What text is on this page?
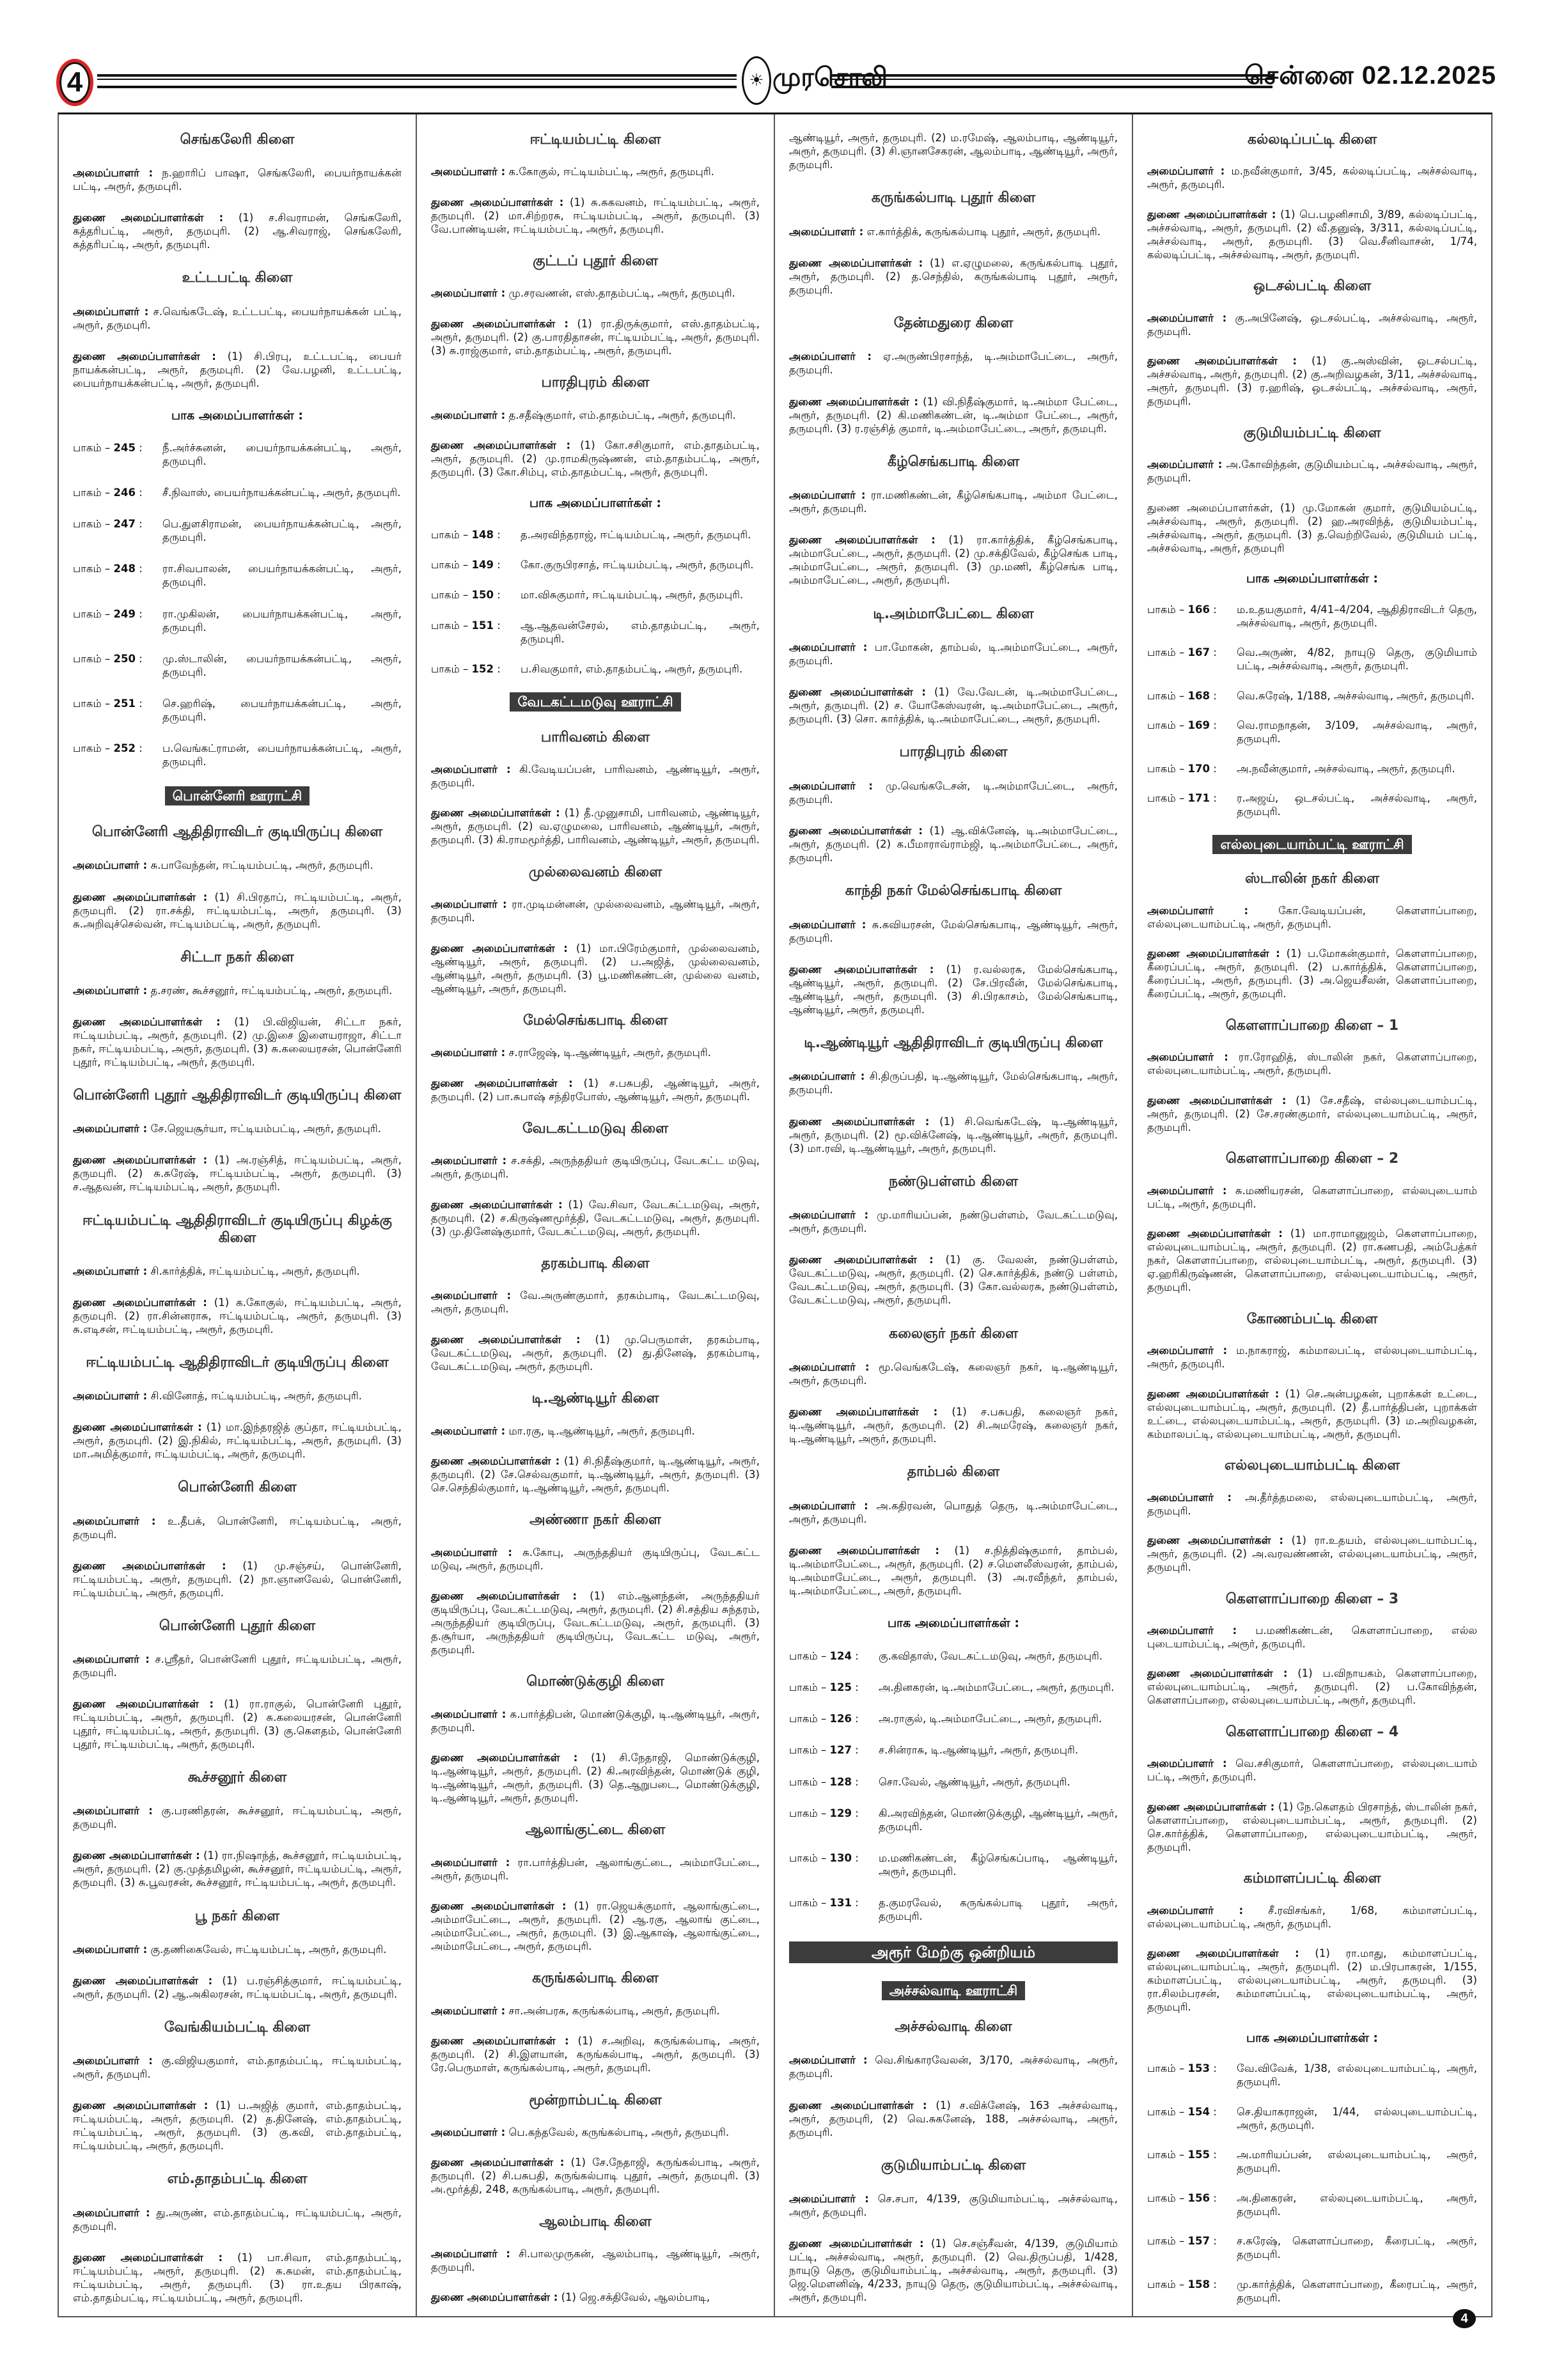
4	☀ முரசொலி	சென்னை 02.12.2025
செங்கலேரி கிளை
அமைப்பாளர் : ந.ஹாரிப் பாஷா, செங்கலேரி, பையர்நாயக்கன் பட்டி, அரூர், தருமபுரி.
துணை அமைப்பாளர்கள் : (1) ச.சிவராமன், செங்கலேரி, கத்தரிபட்டி, அரூர், தருமபுரி. (2) ஆ.சிவராஜ், செங்கலேரி, கத்தரிபட்டி, அரூர், தருமபுரி.
உட்டபட்டி கிளை
அமைப்பாளர் : ச.வெங்கடேஷ், உட்டபட்டி, பையர்நாயக்கன் பட்டி, அரூர், தருமபுரி.
துணை அமைப்பாளர்கள் : (1) சி.பிரபு, உட்டபட்டி, பையர் நாயக்கன்பட்டி, அரூர், தருமபுரி. (2) வே.பழனி, உட்டபட்டி, பையர்நாயக்கன்பட்டி, அரூர், தருமபுரி.
பாக அமைப்பாளர்கள் :
பாகம் – 245 :	நீ.அர்ச்சுனன், பையர்நாயக்கன்பட்டி, அரூர், தருமபுரி.
பாகம் – 246 :	சீ.நிவாஸ், பையர்நாயக்கன்பட்டி, அரூர், தருமபுரி.
பாகம் – 247 :	பெ.துளசிராமன், பையர்நாயக்கன்பட்டி, அரூர், தருமபுரி.
பாகம் – 248 :	ரா.சிவபாலன், பையர்நாயக்கன்பட்டி, அரூர், தருமபுரி.
பாகம் – 249 :	ரா.முகிலன், பையர்நாயக்கன்பட்டி, அரூர், தருமபுரி.
பாகம் – 250 :	மு.ஸ்டாலின், பையர்நாயக்கன்பட்டி, அரூர், தருமபுரி.
பாகம் – 251 :	செ.ஹரிஷ், பையர்நாயக்கன்பட்டி, அரூர், தருமபுரி.
பாகம் – 252 :	ப.வெங்கட்ராமன், பையர்நாயக்கன்பட்டி, அரூர், தருமபுரி.
பொன்னேரி ஊராட்சி
பொன்னேரி ஆதிதிராவிடர் குடியிருப்பு கிளை
அமைப்பாளர் : சு.பாவேந்தன், ஈட்டியம்பட்டி, அரூர், தருமபுரி.
துணை அமைப்பாளர்கள் : (1) சி.பிரதாப், ஈட்டியம்பட்டி, அரூர், தருமபுரி. (2) ரா.சக்தி, ஈட்டியம்பட்டி, அரூர், தருமபுரி. (3) சு.அறிவுச்செல்வன், ஈட்டியம்பட்டி, அரூர், தருமபுரி.
சிட்டா நகர் கிளை
அமைப்பாளர் : த.சரண், கூச்சனூர், ஈட்டியம்பட்டி, அரூர், தருமபுரி.
துணை அமைப்பாளர்கள் : (1) பி.விஜியன், சிட்டா நகர், ஈட்டியம்பட்டி, அரூர், தருமபுரி. (2) மு.இசை இளையராஜா, சிட்டா நகர், ஈட்டியம்பட்டி, அரூர், தருமபுரி. (3) சு.கலையரசன், பொன்னேரி புதூர், ஈட்டியம்பட்டி, அரூர், தருமபுரி.
பொன்னேரி புதூர் ஆதிதிராவிடர் குடியிருப்பு கிளை
அமைப்பாளர் : சே.ஜெயசூர்யா, ஈட்டியம்பட்டி, அரூர், தருமபுரி.
துணை அமைப்பாளர்கள் : (1) அ.ரஞ்சித், ஈட்டியம்பட்டி, அரூர், தருமபுரி. (2) சு.சுரேஷ், ஈட்டியம்பட்டி, அரூர், தருமபுரி. (3) ச.ஆதவன், ஈட்டியம்பட்டி, அரூர், தருமபுரி.
ஈட்டியம்பட்டி ஆதிதிராவிடர் குடியிருப்பு கிழக்கு கிளை
அமைப்பாளர் : சி.கார்த்திக், ஈட்டியம்பட்டி, அரூர், தருமபுரி.
துணை அமைப்பாளர்கள் : (1) க.கோகுல், ஈட்டியம்பட்டி, அரூர், தருமபுரி. (2) ரா.சின்னராசு, ஈட்டியம்பட்டி, அரூர், தருமபுரி. (3) சு.எடிசன், ஈட்டியம்பட்டி, அரூர், தருமபுரி.
ஈட்டியம்பட்டி ஆதிதிராவிடர் குடியிருப்பு கிளை
அமைப்பாளர் : சி.வினோத், ஈட்டியம்பட்டி, அரூர், தருமபுரி.
துணை அமைப்பாளர்கள் : (1) மா.இந்தரஜித் குப்தா, ஈட்டியம்பட்டி, அரூர், தருமபுரி. (2) இ.நிகில், ஈட்டியம்பட்டி, அரூர், தருமபுரி. (3) மா.அமித்குமார், ஈட்டியம்பட்டி, அரூர், தருமபுரி.
பொன்னேரி கிளை
அமைப்பாளர் : உ.தீபக், பொன்னேரி, ஈட்டியம்பட்டி, அரூர், தருமபுரி.
துணை அமைப்பாளர்கள் : (1) மு.சஞ்சய், பொன்னேரி, ஈட்டியம்பட்டி, அரூர், தருமபுரி. (2) நா.ஞானவேல், பொன்னேரி, ஈட்டியம்பட்டி, அரூர், தருமபுரி.
பொன்னேரி புதூர் கிளை
அமைப்பாளர் : ச.ஸ்ரீதர், பொன்னேரி புதூர், ஈட்டியம்பட்டி, அரூர், தருமபுரி.
துணை அமைப்பாளர்கள் : (1) ரா.ராகுல், பொன்னேரி புதூர், ஈட்டியம்பட்டி, அரூர், தருமபுரி. (2) சு.கலையரசன், பொன்னேரி புதூர், ஈட்டியம்பட்டி, அரூர், தருமபுரி. (3) கு.கௌதம், பொன்னேரி புதூர், ஈட்டியம்பட்டி, அரூர், தருமபுரி.
கூச்சனூர் கிளை
அமைப்பாளர் : கு.பரணிதரன், கூச்சனூர், ஈட்டியம்பட்டி, அரூர், தருமபுரி.
துணை அமைப்பாளர்கள் : (1) ரா.நிஷாந்த், கூச்சனூர், ஈட்டியம்பட்டி, அரூர், தருமபுரி. (2) கு.முத்தமிழன், கூச்சனூர், ஈட்டியம்பட்டி, அரூர், தருமபுரி. (3) சு.பூவரசன், கூச்சனூர், ஈட்டியம்பட்டி, அரூர், தருமபுரி.
பூ நகர் கிளை
அமைப்பாளர் : கு.தணிகைவேல், ஈட்டியம்பட்டி, அரூர், தருமபுரி.
துணை அமைப்பாளர்கள் : (1) ப.ரஞ்சித்குமார், ஈட்டியம்பட்டி, அரூர், தருமபுரி. (2) ஆ.அகிலரசன், ஈட்டியம்பட்டி, அரூர், தருமபுரி.
வேங்கியம்பட்டி கிளை
அமைப்பாளர் : கு.விஜியகுமார், எம்.தாதம்பட்டி, ஈட்டியம்பட்டி, அரூர், தருமபுரி.
துணை அமைப்பாளர்கள் : (1) ப.அஜித் குமார், எம்.தாதம்பட்டி, ஈட்டியம்பட்டி, அரூர், தருமபுரி. (2) த.தினேஷ், எம்.தாதம்பட்டி, ஈட்டியம்பட்டி, அரூர், தருமபுரி. (3) கு.கவி, எம்.தாதம்பட்டி, ஈட்டியம்பட்டி, அரூர், தருமபுரி.
எம்.தாதம்பட்டி கிளை
அமைப்பாளர் : து.அருண், எம்.தாதம்பட்டி, ஈட்டியம்பட்டி, அரூர், தருமபுரி.
துணை அமைப்பாளர்கள் : (1) பா.சிவா, எம்.தாதம்பட்டி, ஈட்டியம்பட்டி, அரூர், தருமபுரி. (2) சு.சுமன், எம்.தாதம்பட்டி, ஈட்டியம்பட்டி, அரூர், தருமபுரி. (3) ரா.உதய பிரகாஷ், எம்.தாதம்பட்டி, ஈட்டியம்பட்டி, அரூர், தருமபுரி.
ஈட்டியம்பட்டி கிளை
அமைப்பாளர் : க.கோகுல், ஈட்டியம்பட்டி, அரூர், தருமபுரி.
துணை அமைப்பாளர்கள் : (1) சு.சுகவனம், ஈட்டியம்பட்டி, அரூர், தருமபுரி. (2) மா.சிற்றரசு, ஈட்டியம்பட்டி, அரூர், தருமபுரி. (3) வே.பாண்டியன், ஈட்டியம்பட்டி, அரூர், தருமபுரி.
குட்டப் புதூர் கிளை
அமைப்பாளர் : மு.சரவணன், எஸ்.தாதம்பட்டி, அரூர், தருமபுரி.
துணை அமைப்பாளர்கள் : (1) ரா.திருக்குமார், எஸ்.தாதம்பட்டி, அரூர், தருமபுரி. (2) கு.பாரதிதாசன், ஈட்டியம்பட்டி, அரூர், தருமபுரி. (3) சு.ராஜ்குமார், எம்.தாதம்பட்டி, அரூர், தருமபுரி.
பாரதிபுரம் கிளை
அமைப்பாளர் : த.சதீஷ்குமார், எம்.தாதம்பட்டி, அரூர், தருமபுரி.
துணை அமைப்பாளர்கள் : (1) கோ.சசிகுமார், எம்.தாதம்பட்டி, அரூர், தருமபுரி. (2) மு.ராமகிருஷ்ணன், எம்.தாதம்பட்டி, அரூர், தருமபுரி. (3) கோ.சிம்பு, எம்.தாதம்பட்டி, அரூர், தருமபுரி.
பாக அமைப்பாளர்கள் :
பாகம் – 148 :	த.அரவிந்தராஜ், ஈட்டியம்பட்டி, அரூர், தருமபுரி.
பாகம் – 149 :	கோ.குருபிரசாத், ஈட்டியம்பட்டி, அரூர், தருமபுரி.
பாகம் – 150 :	மா.விசுகுமார், ஈட்டியம்பட்டி, அரூர், தருமபுரி.
பாகம் – 151 :	ஆ.ஆதவன்சேரல், எம்.தாதம்பட்டி, அரூர், தருமபுரி.
பாகம் – 152 :	ப.சிவகுமார், எம்.தாதம்பட்டி, அரூர், தருமபுரி.
வேடகட்டமடுவு ஊராட்சி
பாரிவனம் கிளை
அமைப்பாளர் : கி.வேடியப்பன், பாரிவனம், ஆண்டியூர், அரூர், தருமபுரி.
துணை அமைப்பாளர்கள் : (1) தீ.முனுசாமி, பாரிவனம், ஆண்டியூர், அரூர், தருமபுரி. (2) வ.ஏழுமலை, பாரிவனம், ஆண்டியூர், அரூர், தருமபுரி. (3) கி.ராமமூர்த்தி, பாரிவனம், ஆண்டியூர், அரூர், தருமபுரி.
முல்லைவனம் கிளை
அமைப்பாளர் : ரா.முடிமன்னன், முல்லைவனம், ஆண்டியூர், அரூர், தருமபுரி.
துணை அமைப்பாளர்கள் : (1) மா.பிரேம்குமார், முல்லைவனம், ஆண்டியூர், அரூர், தருமபுரி. (2) ப.அஜித், முல்லைவனம், ஆண்டியூர், அரூர், தருமபுரி. (3) பூ.மணிகண்டன், முல்லை வனம், ஆண்டியூர், அரூர், தருமபுரி.
மேல்செங்கபாடி கிளை
அமைப்பாளர் : ச.ராஜேஷ், டி.ஆண்டியூர், அரூர், தருமபுரி.
துணை அமைப்பாளர்கள் : (1) ச.பசுபதி, ஆண்டியூர், அரூர், தருமபுரி. (2) பா.சுபாஷ் சந்திரபோஸ், ஆண்டியூர், அரூர், தருமபுரி.
வேடகட்டமடுவு கிளை
அமைப்பாளர் : ச.சக்தி, அருந்ததியர் குடியிருப்பு, வேடகட்ட மடுவு, அரூர், தருமபுரி.
துணை அமைப்பாளர்கள் : (1) வே.சிவா, வேடகட்டமடுவு, அரூர், தருமபுரி. (2) ச.கிருஷ்ணமூர்த்தி, வேடகட்டமடுவு, அரூர், தருமபுரி. (3) மு.தினேஷ்குமார், வேடகட்டமடுவு, அரூர், தருமபுரி.
தரகம்பாடி கிளை
அமைப்பாளர் : வே.அருண்குமார், தரகம்பாடி, வேடகட்டமடுவு, அரூர், தருமபுரி.
துணை அமைப்பாளர்கள் : (1) மு.பெருமாள், தரகம்பாடி, வேடகட்டமடுவு, அரூர், தருமபுரி. (2) து.தினேஷ், தரகம்பாடி, வேடகட்டமடுவு, அரூர், தருமபுரி.
டி.ஆண்டியூர் கிளை
அமைப்பாளர் : மா.ரகு, டி.ஆண்டியூர், அரூர், தருமபுரி.
துணை அமைப்பாளர்கள் : (1) சி.நிதீஷ்குமார், டி.ஆண்டியூர், அரூர், தருமபுரி. (2) சே.செல்வகுமார், டி.ஆண்டியூர், அரூர், தருமபுரி. (3) செ.செந்தில்குமார், டி.ஆண்டியூர், அரூர், தருமபுரி.
அண்ணா நகர் கிளை
அமைப்பாளர் : சு.கோபு, அருந்ததியர் குடியிருப்பு, வேடகட்ட மடுவு, அரூர், தருமபுரி.
துணை அமைப்பாளர்கள் : (1) எம்.ஆனந்தன், அருந்ததியர் குடியிருப்பு, வேடகட்டமடுவு, அரூர், தருமபுரி. (2) சி.சத்திய சுந்தரம், அருந்ததியர் குடியிருப்பு, வேடகட்டமடுவு, அரூர், தருமபுரி. (3) த.சூர்யா, அருந்ததியர் குடியிருப்பு, வேடகட்ட மடுவு, அரூர், தருமபுரி.
மொண்டுக்குழி கிளை
அமைப்பாளர் : க.பார்த்திபன், மொண்டுக்குழி, டி.ஆண்டியூர், அரூர், தருமபுரி.
துணை அமைப்பாளர்கள் : (1) சி.நேதாஜி, மொண்டுக்குழி, டி.ஆண்டியூர், அரூர், தருமபுரி. (2) கி.அரவிந்தன், மொண்டுக் குழி, டி.ஆண்டியூர், அரூர், தருமபுரி. (3) தெ.ஆறுபடை, மொண்டுக்குழி, டி.ஆண்டியூர், அரூர், தருமபுரி.
ஆலாங்குட்டை கிளை
அமைப்பாளர் : ரா.பார்த்திபன், ஆலாங்குட்டை, அம்மாபேட்டை, அரூர், தருமபுரி.
துணை அமைப்பாளர்கள் : (1) ரா.ஜெயக்குமார், ஆலாங்குட்டை, அம்மாபேட்டை, அரூர், தருமபுரி. (2) ஆ.ரகு, ஆலாங் குட்டை, அம்மாபேட்டை, அரூர், தருமபுரி. (3) இ.ஆகாஷ், ஆலாங்குட்டை, அம்மாபேட்டை, அரூர், தருமபுரி.
கருங்கல்பாடி கிளை
அமைப்பாளர் : சா.அன்பரசு, கருங்கல்பாடி, அரூர், தருமபுரி.
துணை அமைப்பாளர்கள் : (1) ச.அறிவு, கருங்கல்பாடி, அரூர், தருமபுரி. (2) சி.இளயான், கருங்கல்பாடி, அரூர், தருமபுரி. (3) ரே.பெருமாள், கருங்கல்பாடி, அரூர், தருமபுரி.
மூன்றாம்பட்டி கிளை
அமைப்பாளர் : பெ.கந்தவேல், கருங்கல்பாடி, அரூர், தருமபுரி.
துணை அமைப்பாளர்கள் : (1) சே.நேதாஜி, கருங்கல்பாடி, அரூர், தருமபுரி. (2) சி.பசுபதி, கருங்கல்பாடி புதூர், அரூர், தருமபுரி. (3) அ.மூர்த்தி, 248, கருங்கல்பாடி, அரூர், தருமபுரி.
ஆலம்பாடி கிளை
அமைப்பாளர் : சி.பாலமுருகன், ஆலம்பாடி, ஆண்டியூர், அரூர், தருமபுரி.
துணை அமைப்பாளர்கள் : (1) ஜெ.சக்திவேல், ஆலம்பாடி,
ஆண்டியூர், அரூர், தருமபுரி. (2) ம.ரமேஷ், ஆலம்பாடி, ஆண்டியூர், அரூர், தருமபுரி. (3) சி.ஞானசேகரன், ஆலம்பாடி, ஆண்டியூர், அரூர், தருமபுரி.
கருங்கல்பாடி புதூர் கிளை
அமைப்பாளர் : எ.கார்த்திக், கருங்கல்பாடி புதூர், அரூர், தருமபுரி.
துணை அமைப்பாளர்கள் : (1) எ.ஏழுமலை, கருங்கல்பாடி புதூர், அரூர், தருமபுரி. (2) த.செந்தில், கருங்கல்பாடி புதூர், அரூர், தருமபுரி.
தேன்மதுரை கிளை
அமைப்பாளர் : ஏ.அருண்பிரசாந்த், டி.அம்மாபேட்டை, அரூர், தருமபுரி.
துணை அமைப்பாளர்கள் : (1) வி.நிதீஷ்குமார், டி.அம்மா பேட்டை, அரூர், தருமபுரி. (2) கி.மணிகண்டன், டி.அம்மா பேட்டை, அரூர், தருமபுரி. (3) ர.ரஞ்சித் குமார், டி.அம்மாபேட்டை, அரூர், தருமபுரி.
கீழ்செங்கபாடி கிளை
அமைப்பாளர் : ரா.மணிகண்டன், கீழ்செங்கபாடி, அம்மா பேட்டை, அரூர், தருமபுரி.
துணை அமைப்பாளர்கள் : (1) ரா.கார்த்திக், கீழ்செங்கபாடி, அம்மாபேட்டை, அரூர், தருமபுரி. (2) மு.சக்திவேல், கீழ்செங்க பாடி, அம்மாபேட்டை, அரூர், தருமபுரி. (3) மு.மணி, கீழ்செங்க பாடி, அம்மாபேட்டை, அரூர், தருமபுரி.
டி.அம்மாபேட்டை கிளை
அமைப்பாளர் : பா.மோகன், தாம்பல், டி.அம்மாபேட்டை, அரூர், தருமபுரி.
துணை அமைப்பாளர்கள் : (1) வே.வேடன், டி.அம்மாபேட்டை, அரூர், தருமபுரி. (2) ச. யோகேஸ்வரன், டி.அம்மாபேட்டை, அரூர், தருமபுரி. (3) சொ. கார்த்திக், டி.அம்மாபேட்டை, அரூர், தருமபுரி.
பாரதிபுரம் கிளை
அமைப்பாளர் : மு.வெங்கடேசன், டி.அம்மாபேட்டை, அரூர், தருமபுரி.
துணை அமைப்பாளர்கள் : (1) ஆ.விக்னேஷ், டி.அம்மாபேட்டை, அரூர், தருமபுரி. (2) க.பீமாராவ்ராம்ஜி, டி.அம்மாபேட்டை, அரூர், தருமபுரி.
காந்தி நகர் மேல்செங்கபாடி கிளை
அமைப்பாளர் : சு.கவியரசன், மேல்செங்கபாடி, ஆண்டியூர், அரூர், தருமபுரி.
துணை அமைப்பாளர்கள் : (1) ர.வல்லரசு, மேல்செங்கபாடி, ஆண்டியூர், அரூர், தருமபுரி. (2) சே.பிரவீன், மேல்செங்கபாடி, ஆண்டியூர், அரூர், தருமபுரி. (3) சி.பிரகாசம், மேல்செங்கபாடி, ஆண்டியூர், அரூர், தருமபுரி.
டி.ஆண்டியூர் ஆதிதிராவிடர் குடியிருப்பு கிளை
அமைப்பாளர் : சி.திருப்பதி, டி.ஆண்டியூர், மேல்செங்கபாடி, அரூர், தருமபுரி.
துணை அமைப்பாளர்கள் : (1) சி.வெங்கடேஷ், டி.ஆண்டியூர், அரூர், தருமபுரி. (2) மூ.விக்னேஷ், டி.ஆண்டியூர், அரூர், தருமபுரி. (3) மா.ரவி, டி.ஆண்டியூர், அரூர், தருமபுரி.
நண்டுபள்ளம் கிளை
அமைப்பாளர் : மு.மாரியப்பன், நண்டுபள்ளம், வேடகட்டமடுவு, அரூர், தருமபுரி.
துணை அமைப்பாளர்கள் : (1) கு. வேலன், நண்டுபள்ளம், வேடகட்டமடுவு, அரூர், தருமபுரி. (2) செ.கார்த்திக், நண்டு பள்ளம், வேடகட்டமடுவு, அரூர், தருமபுரி. (3) கோ.வல்லரசு, நண்டுபள்ளம், வேடகட்டமடுவு, அரூர், தருமபுரி.
கலைஞர் நகர் கிளை
அமைப்பாளர் : மூ.வெங்கடேஷ், கலைஞர் நகர், டி.ஆண்டியூர், அரூர், தருமபுரி.
துணை அமைப்பாளர்கள் : (1) ச.பசுபதி, கலைஞர் நகர், டி.ஆண்டியூர், அரூர், தருமபுரி. (2) சி.அமரேஷ், கலைஞர் நகர், டி.ஆண்டியூர், அரூர், தருமபுரி.
தாம்பல் கிளை
அமைப்பாளர் : அ.கதிரவன், பொதுத் தெரு, டி.அம்மாபேட்டை, அரூர், தருமபுரி.
துணை அமைப்பாளர்கள் : (1) ச.நித்திஷ்குமார், தாம்பல், டி.அம்மாபேட்டை, அரூர், தருமபுரி. (2) ச.மௌலீஸ்வரன், தாம்பல், டி.அம்மாபேட்டை, அரூர், தருமபுரி. (3) அ.ரவீந்தர், தாம்பல், டி.அம்மாபேட்டை, அரூர், தருமபுரி.
பாக அமைப்பாளர்கள் :
பாகம் – 124 :	கு.கவிதாஸ், வேடகட்டமடுவு, அரூர், தருமபுரி.
பாகம் – 125 :	அ.தினகரன், டி.அம்மாபேட்டை, அரூர், தருமபுரி.
பாகம் – 126 :	அ.ராகுல், டி.அம்மாபேட்டை, அரூர், தருமபுரி.
பாகம் – 127 :	ச.சின்ராசு, டி.ஆண்டியூர், அரூர், தருமபுரி.
பாகம் – 128 :	சொ.வேல், ஆண்டியூர், அரூர், தருமபுரி.
பாகம் – 129 :	கி.அரவிந்தன், மொண்டுக்குழி, ஆண்டியூர், அரூர், தருமபுரி.
பாகம் – 130 :	ம.மணிகண்டன், கீழ்செங்கப்பாடி, ஆண்டியூர், அரூர், தருமபுரி.
பாகம் – 131 :	த.குமரவேல், கருங்கல்பாடி புதூர், அரூர், தருமபுரி.
அரூர் மேற்கு ஒன்றியம்
அச்சல்வாடி ஊராட்சி
அச்சல்வாடி கிளை
அமைப்பாளர் : வெ.சிங்காரவேலன், 3/170, அச்சல்வாடி, அரூர், தருமபுரி.
துணை அமைப்பாளர்கள் : (1) ச.விக்னேஷ், 163 அச்சல்வாடி, அரூர், தருமபுரி, (2) வெ.சுகனேஷ், 188, அச்சல்வாடி, அரூர், தருமபுரி.
குடுமியாம்பட்டி கிளை
அமைப்பாளர் : செ.சபா, 4/139, குடுமியாம்பட்டி, அச்சல்வாடி, அரூர், தருமபுரி.
துணை அமைப்பாளர்கள் : (1) செ.சஞ்சீவன், 4/139, குடுமியாம் பட்டி, அச்சல்வாடி, அரூர், தருமபுரி. (2) வெ.திருப்பதி, 1/428, நாயுடு தெரு, குடுமியாம்பட்டி, அச்சல்வாடி, அரூர், தருமபுரி. (3) ஜெ.மௌனிஷ், 4/233, நாயுடு தெரு, குடுமியாம்பட்டி, அச்சல்வாடி, அரூர், தருமபுரி.
கல்லடிப்பட்டி கிளை
அமைப்பாளர் : ம.நவீன்குமார், 3/45, கல்லடிப்பட்டி, அச்சல்வாடி, அரூர், தருமபுரி.
துணை அமைப்பாளர்கள் : (1) பெ.பழனிசாமி, 3/89, கல்லடிப்பட்டி, அச்சல்வாடி, அரூர், தருமபுரி. (2) வீ.தனுஷ், 3/311, கல்லடிப்பட்டி, அச்சல்வாடி, அரூர், தருமபுரி. (3) வெ.சீனிவாசன், 1/74, கல்லடிப்பட்டி, அச்சல்வாடி, அரூர், தருமபுரி.
ஒடசல்பட்டி கிளை
அமைப்பாளர் : கு.அபினேஷ், ஒடசல்பட்டி, அச்சல்வாடி, அரூர், தருமபுரி.
துணை அமைப்பாளர்கள் : (1) கு.அஸ்வின், ஒடசல்பட்டி, அச்சல்வாடி, அரூர், தருமபுரி. (2) கு.அறிவழகன், 3/11, அச்சல்வாடி, அரூர், தருமபுரி. (3) ர.ஹரிஷ், ஒடசல்பட்டி, அச்சல்வாடி, அரூர், தருமபுரி.
குடுமியம்பட்டி கிளை
அமைப்பாளர் : அ.கோவிந்தன், குடுமியம்பட்டி, அச்சல்வாடி, அரூர், தருமபுரி.
துணை அமைப்பாளர்கள், (1) மு.மோகன் குமார், குடுமியம்பட்டி, அச்சல்வாடி, அரூர், தருமபுரி. (2) ஹ.அரவிந்த், குடுமியம்பட்டி, அச்சல்வாடி, அரூர், தருமபுரி. (3) த.வெற்றிவேல், குடுமியம் பட்டி, அச்சல்வாடி, அரூர், தருமபுரி
பாக அமைப்பாளர்கள் :
பாகம் – 166 :	ம.உதயகுமார், 4/41–4/204, ஆதிதிராவிடர் தெரு, அச்சல்வாடி, அரூர், தருமபுரி.
பாகம் – 167 :	வெ.அருண், 4/82, நாயுடு தெரு, குடுமியாம் பட்டி, அச்சல்வாடி, அரூர், தருமபுரி.
பாகம் – 168 :	வெ.சுரேஷ், 1/188, அச்சல்வாடி, அரூர், தருமபுரி.
பாகம் – 169 :	வெ.ராமநாதன், 3/109, அச்சல்வாடி, அரூர், தருமபுரி.
பாகம் – 170 :	அ.நவீன்குமார், அச்சல்வாடி, அரூர், தருமபுரி.
பாகம் – 171 :	ர.அஜய், ஒடசல்பட்டி, அச்சல்வாடி, அரூர், தருமபுரி.
எல்லபுடையாம்பட்டி ஊராட்சி
ஸ்டாலின் நகர் கிளை
அமைப்பாளர் :	கோ.வேடியப்பன், கௌளாப்பாறை, எல்லபுடையாம்பட்டி, அரூர், தருமபுரி.
துணை அமைப்பாளர்கள் : (1) ப.மோகன்குமார், கௌளாப்பாறை, கீரைப்பட்டி, அரூர், தருமபுரி. (2) ப.கார்த்திக், கௌளாப்பாறை, கீரைப்பட்டி, அரூர், தருமபுரி. (3) அ.ஜெயசீலன், கௌளாப்பாறை, கீரைப்பட்டி, அரூர், தருமபுரி.
கௌளாப்பாறை கிளை – 1
அமைப்பாளர் : ரா.ரோஹித், ஸ்டாலின் நகர், கௌளாப்பாறை, எல்லபுடையாம்பட்டி, அரூர், தருமபுரி.
துணை அமைப்பாளர்கள் : (1) சே.சதீஷ், எல்லபுடையாம்பட்டி, அரூர், தருமபுரி. (2) சே.சரண்குமார், எல்லபுடையாம்பட்டி, அரூர், தருமபுரி.
கௌளாப்பாறை கிளை – 2
அமைப்பாளர் : சு.மணியரசன், கௌளாப்பாறை, எல்லபுடையாம் பட்டி, அரூர், தருமபுரி.
துணை அமைப்பாளர்கள் : (1) மா.ராமானுஜம், கௌளாப்பாறை, எல்லபுடையாம்பட்டி, அரூர், தருமபுரி. (2) ரா.கணபதி, அம்பேத்கர் நகர், கௌளாப்பாறை, எல்லபுடையாம்பட்டி, அரூர், தருமபுரி. (3) ஏ.ஹரிகிருஷ்ணன், கௌளாப்பாறை, எல்லபுடையாம்பட்டி, அரூர், தருமபுரி.
கோணம்பட்டி கிளை
அமைப்பாளர் : ம.நாகராஜ், கம்மாலபட்டி, எல்லபுடையாம்பட்டி, அரூர், தருமபுரி.
துணை அமைப்பாளர்கள் : (1) செ.அன்பழகன், புறாக்கள் உட்டை, எல்லபுடையாம்பட்டி, அரூர், தருமபுரி. (2) தீ.பார்த்திபன், புறாக்கள் உட்டை, எல்லபுடையாம்பட்டி, அரூர், தருமபுரி. (3) ம.அறிவழகன், கம்மாலபட்டி, எல்லபுடையாம்பட்டி, அரூர், தருமபுரி.
எல்லபுடையாம்பட்டி கிளை
அமைப்பாளர் : அ.தீர்த்தமலை, எல்லபுடையாம்பட்டி, அரூர், தருமபுரி.
துணை அமைப்பாளர்கள் : (1) ரா.உதயம், எல்லபுடையாம்பட்டி, அரூர், தருமபுரி. (2) அ.வரவண்ணன், எல்லபுடையாம்பட்டி, அரூர், தருமபுரி.
கௌளாப்பாறை கிளை – 3
அமைப்பாளர் : ப.மணிகண்டன், கௌளாப்பாறை, எல்ல புடையாம்பட்டி, அரூர், தருமபுரி.
துணை அமைப்பாளர்கள் : (1) ப.விநாயகம், கௌளாப்பாறை, எல்லபுடையாம்பட்டி, அரூர், தருமபுரி. (2) ப.கோவிந்தன், கௌளாப்பாறை, எல்லபுடையாம்பட்டி, அரூர், தருமபுரி.
கௌளாப்பாறை கிளை – 4
அமைப்பாளர் : வெ.சசிகுமார், கௌளாப்பாறை, எல்லபுடையாம் பட்டி, அரூர், தருமபுரி.
துணை அமைப்பாளர்கள் : (1) நே.கௌதம் பிரசாந்த், ஸ்டாலின் நகர், கௌளாப்பாறை, எல்லபுடையாம்பட்டி, அரூர், தருமபுரி. (2) செ.கார்த்திக், கௌளாப்பாறை, எல்லபுடையாம்பட்டி, அரூர், தருமபுரி.
கம்மாளப்பட்டி கிளை
அமைப்பாளர் : சீ.ரவிசங்கர், 1/68, கம்மாளப்பட்டி, எல்லபுடையாம்பட்டி, அரூர், தருமபுரி.
துணை அமைப்பாளர்கள் : (1) ரா.மாது, கம்மாளப்பட்டி, எல்லபுடையாம்பட்டி, அரூர், தருமபுரி. (2) ம.பிரபாகரன், 1/155, கம்மாளப்பட்டி, எல்லபுடையாம்பட்டி, அரூர், தருமபுரி. (3) ரா.சிலம்பரசன், கம்மாளப்பட்டி, எல்லபுடையாம்பட்டி, அரூர், தருமபுரி.
பாக அமைப்பாளர்கள் :
பாகம் – 153 :	வே.விவேக், 1/38, எல்லபுடையாம்பட்டி, அரூர், தருமபுரி.
பாகம் – 154 :	செ.தியாகராஜன், 1/44, எல்லபுடையாம்பட்டி, அரூர், தருமபுரி.
பாகம் – 155 :	அ.மாரியப்பன், எல்லபுடையாம்பட்டி, அரூர், தருமபுரி.
பாகம் – 156 :	அ.தினகரன், எல்லபுடையாம்பட்டி, அரூர், தருமபுரி.
பாகம் – 157 :	ச.சுரேஷ், கௌளாப்பாறை, கீரைபட்டி, அரூர், தருமபுரி.
பாகம் – 158 :	மு.கார்த்திக், கௌளாப்பாறை, கீரைபட்டி, அரூர், தருமபுரி.
4
